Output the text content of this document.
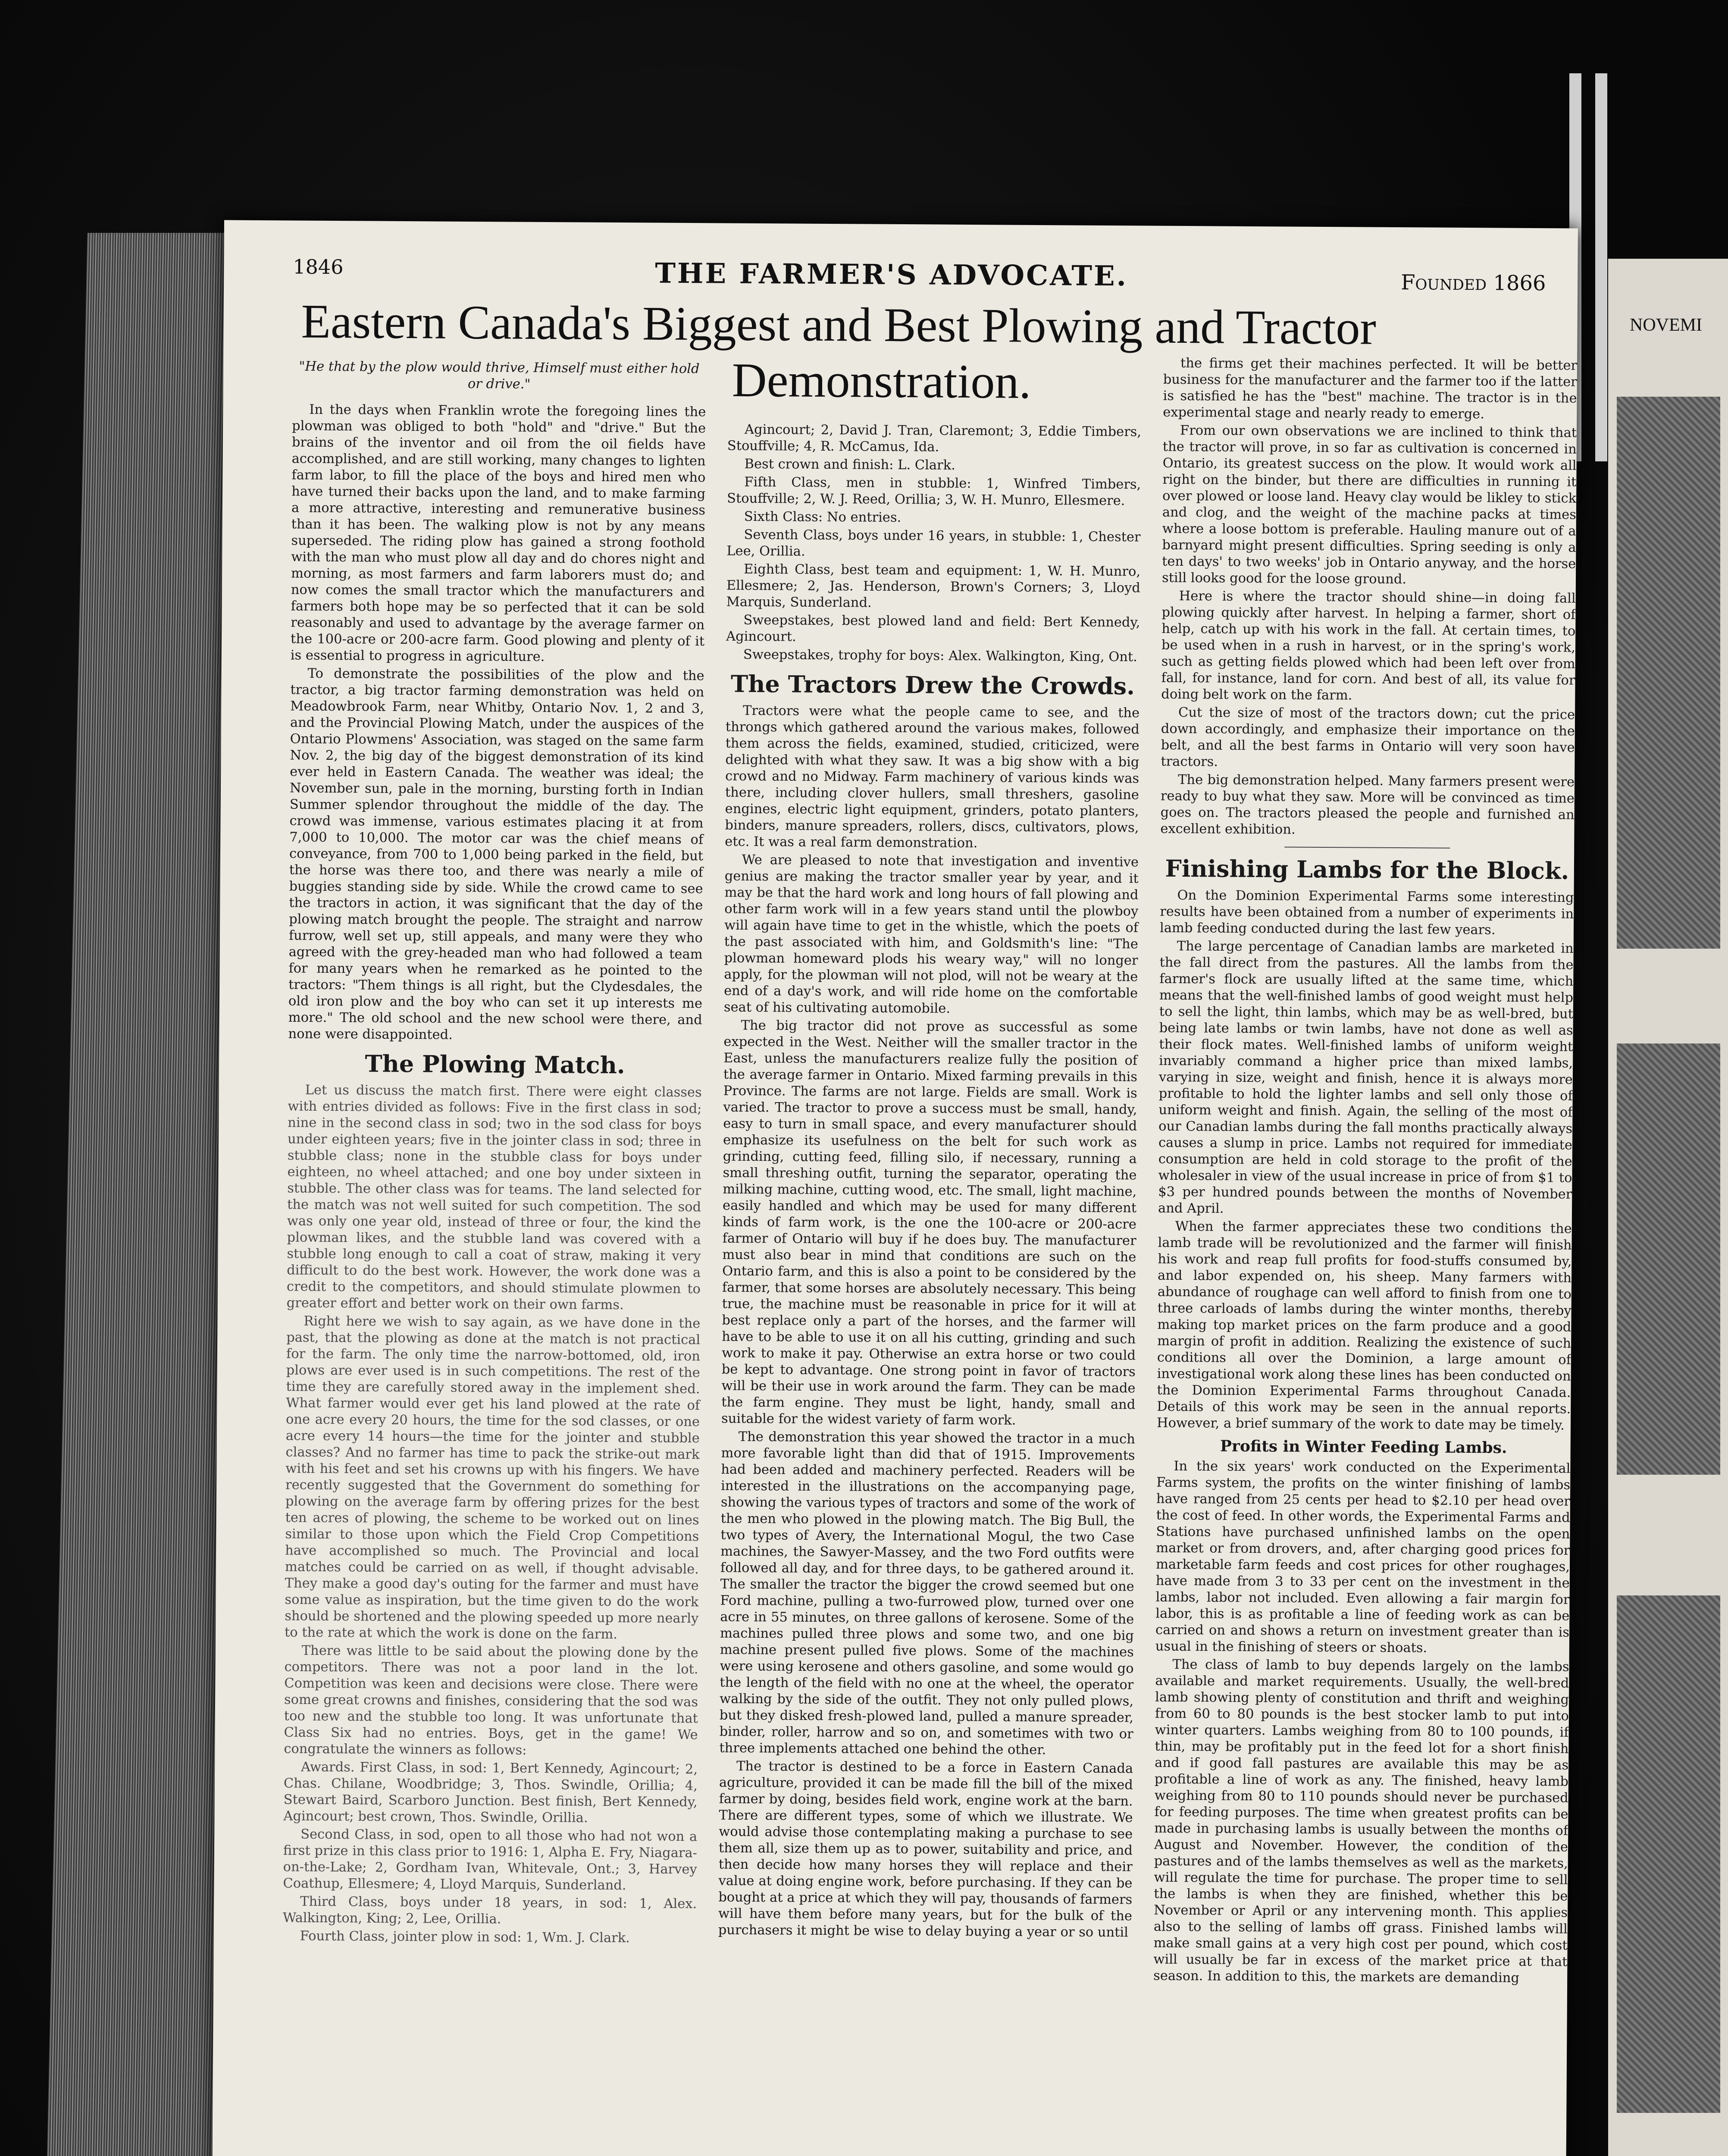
NOVEMI
1846	THE FARMER'S ADVOCATE.	Founded 1866
Eastern Canada's Biggest and Best Plowing and Tractor
Demonstration.

"He that by the plow would thrive, Himself must either hold or drive."

In the days when Franklin wrote the foregoing lines the plowman was obliged to both "hold" and "drive." But the brains of the inventor and oil from the oil fields have accomplished, and are still working, many changes to lighten farm labor, to fill the place of the boys and hired men who have turned their backs upon the land, and to make farming a more attractive, interesting and remunerative business than it has been. The walking plow is not by any means superseded. The riding plow has gained a strong foothold with the man who must plow all day and do chores night and morning, as most farmers and farm laborers must do; and now comes the small tractor which the manufacturers and farmers both hope may be so perfected that it can be sold reasonably and used to advantage by the average farmer on the 100-acre or 200-acre farm. Good plowing and plenty of it is essential to progress in agriculture.

To demonstrate the possibilities of the plow and the tractor, a big tractor farming demonstration was held on Meadowbrook Farm, near Whitby, Ontario Nov. 1, 2 and 3, and the Provincial Plowing Match, under the auspices of the Ontario Plowmens' Association, was staged on the same farm Nov. 2, the big day of the biggest demonstration of its kind ever held in Eastern Canada. The weather was ideal; the November sun, pale in the morning, bursting forth in Indian Summer splendor throughout the middle of the day. The crowd was immense, various estimates placing it at from 7,000 to 10,000. The motor car was the chief means of conveyance, from 700 to 1,000 being parked in the field, but the horse was there too, and there was nearly a mile of buggies standing side by side. While the crowd came to see the tractors in action, it was significant that the day of the plowing match brought the people. The straight and narrow furrow, well set up, still appeals, and many were they who agreed with the grey-headed man who had followed a team for many years when he remarked as he pointed to the tractors: "Them things is all right, but the Clydesdales, the old iron plow and the boy who can set it up interests me more." The old school and the new school were there, and none were disappointed.

The Plowing Match.

Let us discuss the match first. There were eight classes with entries divided as follows: Five in the first class in sod; nine in the second class in sod; two in the sod class for boys under eighteen years; five in the jointer class in sod; three in stubble class; none in the stubble class for boys under eighteen, no wheel attached; and one boy under sixteen in stubble. The other class was for teams. The land selected for the match was not well suited for such competition. The sod was only one year old, instead of three or four, the kind the plowman likes, and the stubble land was covered with a stubble long enough to call a coat of straw, making it very difficult to do the best work. However, the work done was a credit to the competitors, and should stimulate plowmen to greater effort and better work on their own farms.

Right here we wish to say again, as we have done in the past, that the plowing as done at the match is not practical for the farm. The only time the narrow-bottomed, old, iron plows are ever used is in such competitions. The rest of the time they are carefully stored away in the implement shed. What farmer would ever get his land plowed at the rate of one acre every 20 hours, the time for the sod classes, or one acre every 14 hours—the time for the jointer and stubble classes? And no farmer has time to pack the strike-out mark with his feet and set his crowns up with his fingers. We have recently suggested that the Government do something for plowing on the average farm by offering prizes for the best ten acres of plowing, the scheme to be worked out on lines similar to those upon which the Field Crop Competitions have accomplished so much. The Provincial and local matches could be carried on as well, if thought advisable. They make a good day's outing for the farmer and must have some value as inspiration, but the time given to do the work should be shortened and the plowing speeded up more nearly to the rate at which the work is done on the farm.

There was little to be said about the plowing done by the competitors. There was not a poor land in the lot. Competition was keen and decisions were close. There were some great crowns and finishes, considering that the sod was too new and the stubble too long. It was unfortunate that Class Six had no entries. Boys, get in the game! We congratulate the winners as follows:

Awards. First Class, in sod: 1, Bert Kennedy, Agincourt; 2, Chas. Chilane, Woodbridge; 3, Thos. Swindle, Orillia; 4, Stewart Baird, Scarboro Junction. Best finish, Bert Kennedy, Agincourt; best crown, Thos. Swindle, Orillia.

Second Class, in sod, open to all those who had not won a first prize in this class prior to 1916: 1, Alpha E. Fry, Niagara-on-the-Lake; 2, Gordham Ivan, Whitevale, Ont.; 3, Harvey Coathup, Ellesmere; 4, Lloyd Marquis, Sunderland.

Third Class, boys under 18 years, in sod: 1, Alex. Walkington, King; 2, Lee, Orillia.

Fourth Class, jointer plow in sod: 1, Wm. J. Clark.

Agincourt; 2, David J. Tran, Claremont; 3, Eddie Timbers, Stouffville; 4, R. McCamus, Ida.

Best crown and finish: L. Clark.

Fifth Class, men in stubble: 1, Winfred Timbers, Stouffville; 2, W. J. Reed, Orillia; 3, W. H. Munro, Ellesmere.

Sixth Class: No entries.

Seventh Class, boys under 16 years, in stubble: 1, Chester Lee, Orillia.

Eighth Class, best team and equipment: 1, W. H. Munro, Ellesmere; 2, Jas. Henderson, Brown's Corners; 3, Lloyd Marquis, Sunderland.

Sweepstakes, best plowed land and field: Bert Kennedy, Agincourt.

Sweepstakes, trophy for boys: Alex. Walkington, King, Ont.

The Tractors Drew the Crowds.

Tractors were what the people came to see, and the throngs which gathered around the various makes, followed them across the fields, examined, studied, criticized, were delighted with what they saw. It was a big show with a big crowd and no Midway. Farm machinery of various kinds was there, including clover hullers, small threshers, gasoline engines, electric light equipment, grinders, potato planters, binders, manure spreaders, rollers, discs, cultivators, plows, etc. It was a real farm demonstration.

We are pleased to note that investigation and inventive genius are making the tractor smaller year by year, and it may be that the hard work and long hours of fall plowing and other farm work will in a few years stand until the plowboy will again have time to get in the whistle, which the poets of the past associated with him, and Goldsmith's line: "The plowman homeward plods his weary way," will no longer apply, for the plowman will not plod, will not be weary at the end of a day's work, and will ride home on the comfortable seat of his cultivating automobile.

The big tractor did not prove as successful as some expected in the West. Neither will the smaller tractor in the East, unless the manufacturers realize fully the position of the average farmer in Ontario. Mixed farming prevails in this Province. The farms are not large. Fields are small. Work is varied. The tractor to prove a success must be small, handy, easy to turn in small space, and every manufacturer should emphasize its usefulness on the belt for such work as grinding, cutting feed, filling silo, if necessary, running a small threshing outfit, turning the separator, operating the milking machine, cutting wood, etc. The small, light machine, easily handled and which may be used for many different kinds of farm work, is the one the 100-acre or 200-acre farmer of Ontario will buy if he does buy. The manufacturer must also bear in mind that conditions are such on the Ontario farm, and this is also a point to be considered by the farmer, that some horses are absolutely necessary. This being true, the machine must be reasonable in price for it will at best replace only a part of the horses, and the farmer will have to be able to use it on all his cutting, grinding and such work to make it pay. Otherwise an extra horse or two could be kept to advantage. One strong point in favor of tractors will be their use in work around the farm. They can be made the farm engine. They must be light, handy, small and suitable for the widest variety of farm work.

The demonstration this year showed the tractor in a much more favorable light than did that of 1915. Improvements had been added and machinery perfected. Readers will be interested in the illustrations on the accompanying page, showing the various types of tractors and some of the work of the men who plowed in the plowing match. The Big Bull, the two types of Avery, the International Mogul, the two Case machines, the Sawyer-Massey, and the two Ford outfits were followed all day, and for three days, to be gathered around it. The smaller the tractor the bigger the crowd seemed but one Ford machine, pulling a two-furrowed plow, turned over one acre in 55 minutes, on three gallons of kerosene. Some of the machines pulled three plows and some two, and one big machine present pulled five plows. Some of the machines were using kerosene and others gasoline, and some would go the length of the field with no one at the wheel, the operator walking by the side of the outfit. They not only pulled plows, but they disked fresh-plowed land, pulled a manure spreader, binder, roller, harrow and so on, and sometimes with two or three implements attached one behind the other.

The tractor is destined to be a force in Eastern Canada agriculture, provided it can be made fill the bill of the mixed farmer by doing, besides field work, engine work at the barn. There are different types, some of which we illustrate. We would advise those contemplating making a purchase to see them all, size them up as to power, suitability and price, and then decide how many horses they will replace and their value at doing engine work, before purchasing. If they can be bought at a price at which they will pay, thousands of farmers will have them before many years, but for the bulk of the purchasers it might be wise to delay buying a year or so until

the firms get their machines perfected. It will be better business for the manufacturer and the farmer too if the latter is satisfied he has the "best" machine. The tractor is in the experimental stage and nearly ready to emerge.

From our own observations we are inclined to think that the tractor will prove, in so far as cultivation is concerned in Ontario, its greatest success on the plow. It would work all right on the binder, but there are difficulties in running it over plowed or loose land. Heavy clay would be likley to stick and clog, and the weight of the machine packs at times where a loose bottom is preferable. Hauling manure out of a barnyard might present difficulties. Spring seeding is only a ten days' to two weeks' job in Ontario anyway, and the horse still looks good for the loose ground.

Here is where the tractor should shine—in doing fall plowing quickly after harvest. In helping a farmer, short of help, catch up with his work in the fall. At certain times, to be used when in a rush in harvest, or in the spring's work, such as getting fields plowed which had been left over from fall, for instance, land for corn. And best of all, its value for doing belt work on the farm.

Cut the size of most of the tractors down; cut the price down accordingly, and emphasize their importance on the belt, and all the best farms in Ontario will very soon have tractors.

The big demonstration helped. Many farmers present were ready to buy what they saw. More will be convinced as time goes on. The tractors pleased the people and furnished an excellent exhibition.

Finishing Lambs for the Block.

On the Dominion Experimental Farms some interesting results have been obtained from a number of experiments in lamb feeding conducted during the last few years.

The large percentage of Canadian lambs are marketed in the fall direct from the pastures. All the lambs from the farmer's flock are usually lifted at the same time, which means that the well-finished lambs of good weight must help to sell the light, thin lambs, which may be as well-bred, but being late lambs or twin lambs, have not done as well as their flock mates. Well-finished lambs of uniform weight invariably command a higher price than mixed lambs, varying in size, weight and finish, hence it is always more profitable to hold the lighter lambs and sell only those of uniform weight and finish. Again, the selling of the most of our Canadian lambs during the fall months practically always causes a slump in price. Lambs not required for immediate consumption are held in cold storage to the profit of the wholesaler in view of the usual increase in price of from $1 to $3 per hundred pounds between the months of November and April.

When the farmer appreciates these two conditions the lamb trade will be revolutionized and the farmer will finish his work and reap full profits for food-stuffs consumed by, and labor expended on, his sheep. Many farmers with abundance of roughage can well afford to finish from one to three carloads of lambs during the winter months, thereby making top market prices on the farm produce and a good margin of profit in addition. Realizing the existence of such conditions all over the Dominion, a large amount of investigational work along these lines has been conducted on the Dominion Experimental Farms throughout Canada. Details of this work may be seen in the annual reports. However, a brief summary of the work to date may be timely.

Profits in Winter Feeding Lambs.

In the six years' work conducted on the Experimental Farms system, the profits on the winter finishing of lambs have ranged from 25 cents per head to $2.10 per head over the cost of feed. In other words, the Experimental Farms and Stations have purchased unfinished lambs on the open market or from drovers, and, after charging good prices for marketable farm feeds and cost prices for other roughages, have made from 3 to 33 per cent on the investment in the lambs, labor not included. Even allowing a fair margin for labor, this is as profitable a line of feeding work as can be carried on and shows a return on investment greater than is usual in the finishing of steers or shoats.

The class of lamb to buy depends largely on the lambs available and market requirements. Usually, the well-bred lamb showing plenty of constitution and thrift and weighing from 60 to 80 pounds is the best stocker lamb to put into winter quarters. Lambs weighing from 80 to 100 pounds, if thin, may be profitably put in the feed lot for a short finish and if good fall pastures are available this may be as profitable a line of work as any. The finished, heavy lamb weighing from 80 to 110 pounds should never be purchased for feeding purposes. The time when greatest profits can be made in purchasing lambs is usually between the months of August and November. However, the condition of the pastures and of the lambs themselves as well as the markets, will regulate the time for purchase. The proper time to sell the lambs is when they are finished, whether this be November or April or any intervening month. This applies also to the selling of lambs off grass. Finished lambs will make small gains at a very high cost per pound, which cost will usually be far in excess of the market price at that season. In addition to this, the markets are demanding
